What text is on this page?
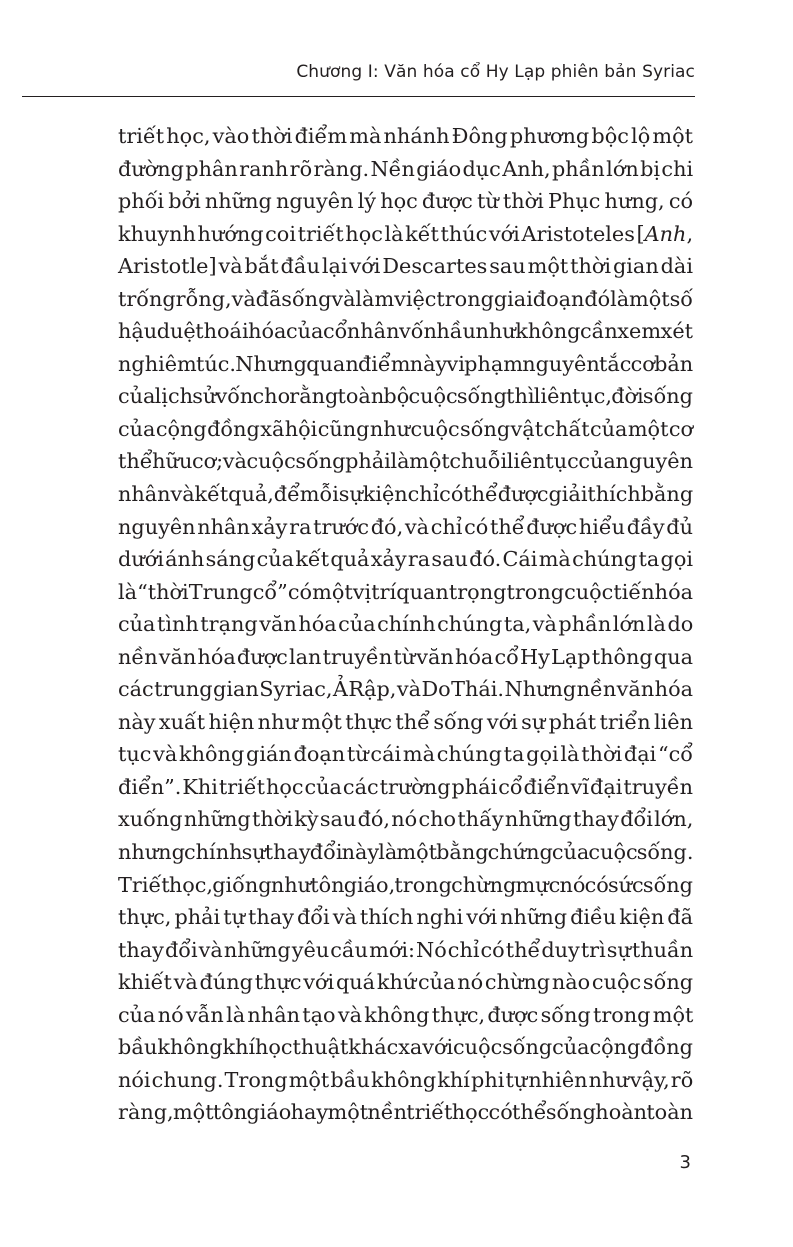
Chương I: Văn hóa cổ Hy Lạp phiên bản Syriac
triết học, vào thời điểm mà nhánh Đông phương bộc lộ một
đường phân ranh rõ ràng. Nền giáo dục Anh, phần lớn bị chi
phối bởi những nguyên lý học được từ thời Phục hưng, có
khuynh hướng coi triết học là kết thúc với Aristoteles [Anh,
Aristotle] và bắt đầu lại với Descartes sau một thời gian dài
trống rỗng, và đã sống và làm việc trong giai đoạn đó là một số
hậu duệ thoái hóa của cổ nhân vốn hầu như không cần xem xét
nghiêm túc. Nhưng quan điểm này vi phạm nguyên tắc cơ bản
của lịch sử vốn cho rằng toàn bộ cuộc sống thì liên tục, đời sống
của cộng đồng xã hội cũng như cuộc sống vật chất của một cơ
thể hữu cơ; và cuộc sống phải là một chuỗi liên tục của nguyên
nhân và kết quả, để mỗi sự kiện chỉ có thể được giải thích bằng
nguyên nhân xảy ra trước đó, và chỉ có thể được hiểu đầy đủ
dưới ánh sáng của kết quả xảy ra sau đó. Cái mà chúng ta gọi
là “thời Trung cổ” có một vị trí quan trọng trong cuộc tiến hóa
của tình trạng văn hóa của chính chúng ta, và phần lớn là do
nền văn hóa được lan truyền từ văn hóa cổ Hy Lạp thông qua
các trung gian Syriac, Ả Rập, và Do Thái. Nhưng nền văn hóa
này xuất hiện như một thực thể sống với sự phát triển liên
tục và không gián đoạn từ cái mà chúng ta gọi là thời đại “cổ
điển”. Khi triết học của các trường phái cổ điển vĩ đại truyền
xuống những thời kỳ sau đó, nó cho thấy những thay đổi lớn,
nhưng chính sự thay đổi này là một bằng chứng của cuộc sống.
Triết học, giống như tôn giáo, trong chừng mực nó có sức sống
thực, phải tự thay đổi và thích nghi với những điều kiện đã
thay đổi và những yêu cầu mới: Nó chỉ có thể duy trì sự thuần
khiết và đúng thực với quá khứ của nó chừng nào cuộc sống
của nó vẫn là nhân tạo và không thực, được sống trong một
bầu không khí học thuật khác xa với cuộc sống của cộng đồng
nói chung. Trong một bầu không khí phi tự nhiên như vậy, rõ
ràng, một tôn giáo hay một nền triết học có thể sống hoàn toàn
3
